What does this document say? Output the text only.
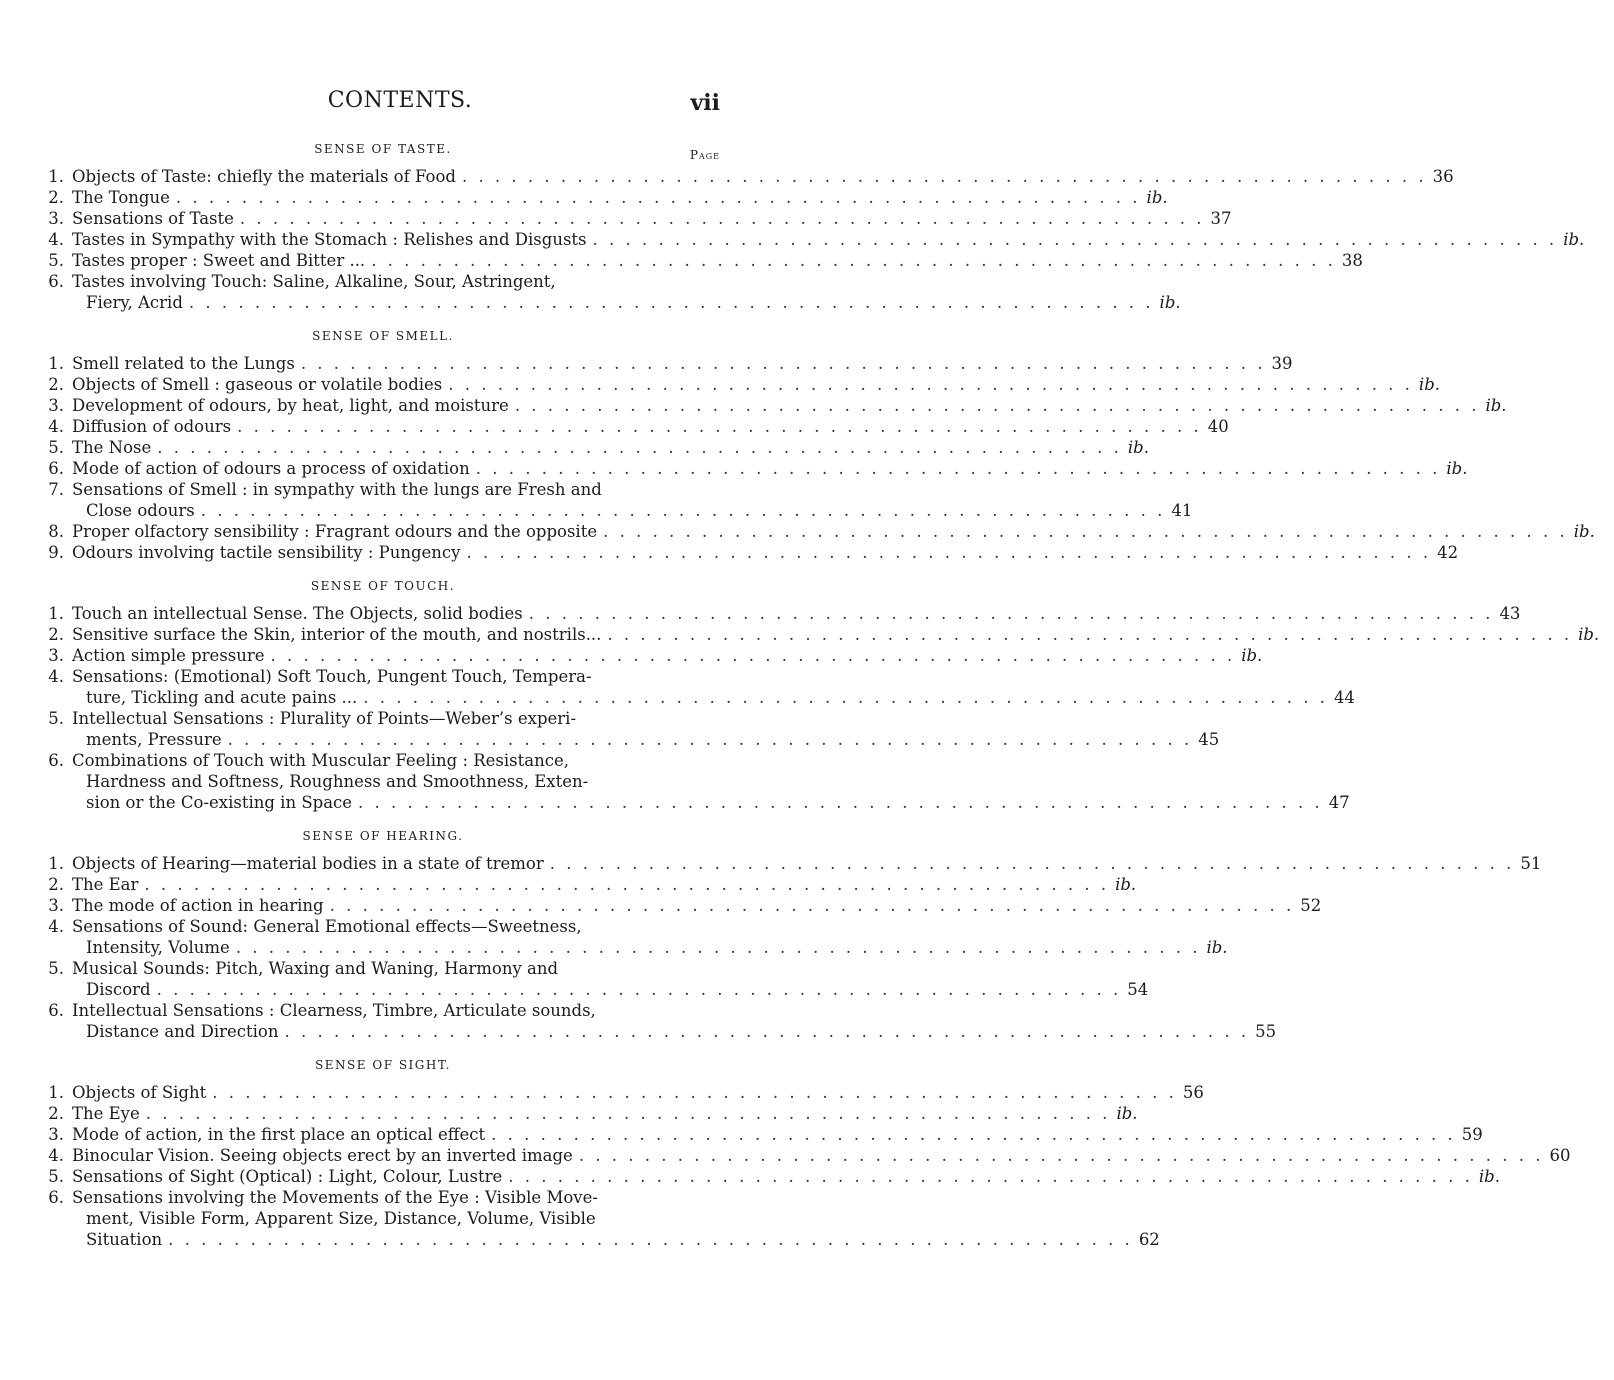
CONTENTS.	vii
Page
SENSE OF TASTE.
1. Objects of Taste: chiefly the materials of Food . . . . . . . . . . . . . . . . . . . . . . . . . . . . . . . . . . . . . . . . . . . . . . . . . . . . . . . . . . . 36
2. The Tongue . . . . . . . . . . . . . . . . . . . . . . . . . . . . . . . . . . . . . . . . . . . . . . . . . . . . . . . . . . . ib.
3. Sensations of Taste . . . . . . . . . . . . . . . . . . . . . . . . . . . . . . . . . . . . . . . . . . . . . . . . . . . . . . . . . . . 37
4. Tastes in Sympathy with the Stomach : Relishes and Disgusts . . . . . . . . . . . . . . . . . . . . . . . . . . . . . . . . . . . . . . . . . . . . . . . . . . . . . . . . . . . ib.
5. Tastes proper : Sweet and Bitter ... . . . . . . . . . . . . . . . . . . . . . . . . . . . . . . . . . . . . . . . . . . . . . . . . . . . . . . . . . . . 38
6. Tastes involving Touch: Saline, Alkaline, Sour, Astringent,
Fiery, Acrid . . . . . . . . . . . . . . . . . . . . . . . . . . . . . . . . . . . . . . . . . . . . . . . . . . . . . . . . . . . ib.
SENSE OF SMELL.
1. Smell related to the Lungs . . . . . . . . . . . . . . . . . . . . . . . . . . . . . . . . . . . . . . . . . . . . . . . . . . . . . . . . . . . 39
2. Objects of Smell : gaseous or volatile bodies . . . . . . . . . . . . . . . . . . . . . . . . . . . . . . . . . . . . . . . . . . . . . . . . . . . . . . . . . . . ib.
3. Development of odours, by heat, light, and moisture . . . . . . . . . . . . . . . . . . . . . . . . . . . . . . . . . . . . . . . . . . . . . . . . . . . . . . . . . . . ib.
4. Diffusion of odours . . . . . . . . . . . . . . . . . . . . . . . . . . . . . . . . . . . . . . . . . . . . . . . . . . . . . . . . . . . 40
5. The Nose . . . . . . . . . . . . . . . . . . . . . . . . . . . . . . . . . . . . . . . . . . . . . . . . . . . . . . . . . . . ib.
6. Mode of action of odours a process of oxidation . . . . . . . . . . . . . . . . . . . . . . . . . . . . . . . . . . . . . . . . . . . . . . . . . . . . . . . . . . . ib.
7. Sensations of Smell : in sympathy with the lungs are Fresh and
Close odours . . . . . . . . . . . . . . . . . . . . . . . . . . . . . . . . . . . . . . . . . . . . . . . . . . . . . . . . . . . 41
8. Proper olfactory sensibility : Fragrant odours and the opposite . . . . . . . . . . . . . . . . . . . . . . . . . . . . . . . . . . . . . . . . . . . . . . . . . . . . . . . . . . . ib.
9. Odours involving tactile sensibility : Pungency . . . . . . . . . . . . . . . . . . . . . . . . . . . . . . . . . . . . . . . . . . . . . . . . . . . . . . . . . . . 42
SENSE OF TOUCH.
1. Touch an intellectual Sense. The Objects, solid bodies . . . . . . . . . . . . . . . . . . . . . . . . . . . . . . . . . . . . . . . . . . . . . . . . . . . . . . . . . . . 43
2. Sensitive surface the Skin, interior of the mouth, and nostrils... . . . . . . . . . . . . . . . . . . . . . . . . . . . . . . . . . . . . . . . . . . . . . . . . . . . . . . . . . . . ib.
3. Action simple pressure . . . . . . . . . . . . . . . . . . . . . . . . . . . . . . . . . . . . . . . . . . . . . . . . . . . . . . . . . . . ib.
4. Sensations: (Emotional) Soft Touch, Pungent Touch, Tempera-
ture, Tickling and acute pains ... . . . . . . . . . . . . . . . . . . . . . . . . . . . . . . . . . . . . . . . . . . . . . . . . . . . . . . . . . . . 44
5. Intellectual Sensations : Plurality of Points—Weber’s experi-
ments, Pressure . . . . . . . . . . . . . . . . . . . . . . . . . . . . . . . . . . . . . . . . . . . . . . . . . . . . . . . . . . . 45
6. Combinations of Touch with Muscular Feeling : Resistance,
Hardness and Softness, Roughness and Smoothness, Exten-
sion or the Co-existing in Space . . . . . . . . . . . . . . . . . . . . . . . . . . . . . . . . . . . . . . . . . . . . . . . . . . . . . . . . . . . 47
SENSE OF HEARING.
1. Objects of Hearing—material bodies in a state of tremor . . . . . . . . . . . . . . . . . . . . . . . . . . . . . . . . . . . . . . . . . . . . . . . . . . . . . . . . . . . 51
2. The Ear . . . . . . . . . . . . . . . . . . . . . . . . . . . . . . . . . . . . . . . . . . . . . . . . . . . . . . . . . . . ib.
3. The mode of action in hearing . . . . . . . . . . . . . . . . . . . . . . . . . . . . . . . . . . . . . . . . . . . . . . . . . . . . . . . . . . . 52
4. Sensations of Sound: General Emotional effects—Sweetness,
Intensity, Volume . . . . . . . . . . . . . . . . . . . . . . . . . . . . . . . . . . . . . . . . . . . . . . . . . . . . . . . . . . . ib.
5. Musical Sounds: Pitch, Waxing and Waning, Harmony and
Discord . . . . . . . . . . . . . . . . . . . . . . . . . . . . . . . . . . . . . . . . . . . . . . . . . . . . . . . . . . . 54
6. Intellectual Sensations : Clearness, Timbre, Articulate sounds,
Distance and Direction . . . . . . . . . . . . . . . . . . . . . . . . . . . . . . . . . . . . . . . . . . . . . . . . . . . . . . . . . . . 55
SENSE OF SIGHT.
1. Objects of Sight . . . . . . . . . . . . . . . . . . . . . . . . . . . . . . . . . . . . . . . . . . . . . . . . . . . . . . . . . . . 56
2. The Eye . . . . . . . . . . . . . . . . . . . . . . . . . . . . . . . . . . . . . . . . . . . . . . . . . . . . . . . . . . . ib.
3. Mode of action, in the first place an optical effect . . . . . . . . . . . . . . . . . . . . . . . . . . . . . . . . . . . . . . . . . . . . . . . . . . . . . . . . . . . 59
4. Binocular Vision. Seeing objects erect by an inverted image . . . . . . . . . . . . . . . . . . . . . . . . . . . . . . . . . . . . . . . . . . . . . . . . . . . . . . . . . . . 60
5. Sensations of Sight (Optical) : Light, Colour, Lustre . . . . . . . . . . . . . . . . . . . . . . . . . . . . . . . . . . . . . . . . . . . . . . . . . . . . . . . . . . . ib.
6. Sensations involving the Movements of the Eye : Visible Move-
ment, Visible Form, Apparent Size, Distance, Volume, Visible
Situation . . . . . . . . . . . . . . . . . . . . . . . . . . . . . . . . . . . . . . . . . . . . . . . . . . . . . . . . . . . 62
